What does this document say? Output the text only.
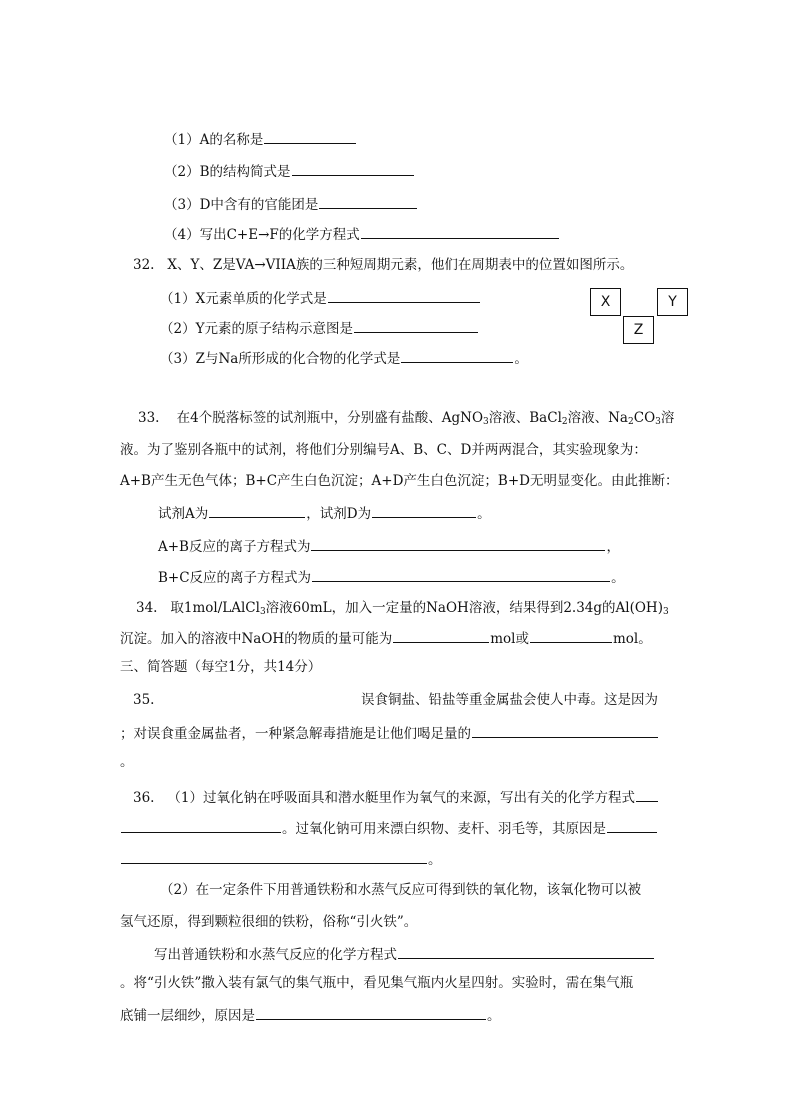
（1）A的名称是
（2）B的结构简式是
（3）D中含有的官能团是
（4）写出C+E→F的化学方程式
32. X、Y、Z是VA→VIIA族的三种短周期元素，他们在周期表中的位置如图所示。
（1）X元素单质的化学式是
（2）Y元素的原子结构示意图是
（3）Z与Na所形成的化合物的化学式是	。
X	Y
Z
33. 在4个脱落标签的试剂瓶中，分别盛有盐酸、AgNO$_3$溶液、BaCl$_2$溶液、$Na_2CO_3$溶
液。为了鉴别各瓶中的试剂，将他们分别编号A、B、C、D并两两混合，其实验现象为：
A+B产生无色气体；B+C产生白色沉淀；A+D产生白色沉淀；B+D无明显变化。由此推断：
试剂A为	，试剂D为	。
A+B反应的离子方程式为	，
B+C反应的离子方程式为	。
34. 取1mol/LAlCl$_3$溶液60mL，加入一定量的NaOH溶液，结果得到2.34g的$Al(OH)_3$
沉淀。加入的溶液中NaOH的物质的量可能为	mol或	mol。
三、简答题（每空1分，共14分）
35.	误食铜盐、铅盐等重金属盐会使人中毒。这是因为
；对误食重金属盐者，一种紧急解毒措施是让他们喝足量的
。
36. （1）过氧化钠在呼吸面具和潜水艇里作为氧气的来源，写出有关的化学方程式
。过氧化钠可用来漂白织物、麦杆、羽毛等，其原因是
。
（2）在一定条件下用普通铁粉和水蒸气反应可得到铁的氧化物，该氧化物可以被
氢气还原，得到颗粒很细的铁粉，俗称“引火铁”。
写出普通铁粉和水蒸气反应的化学方程式
。将“引火铁”撒入装有氯气的集气瓶中，看见集气瓶内火星四射。实验时，需在集气瓶
底铺一层细纱，原因是	。
